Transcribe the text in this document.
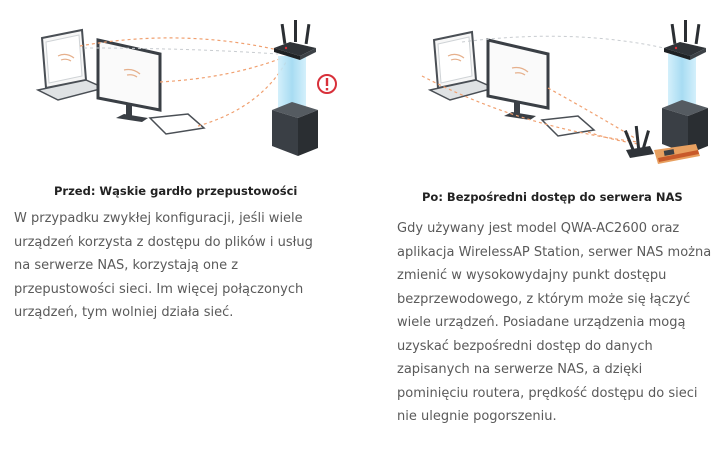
Przed: Wąskie gardło przepustowości

W przypadku zwykłej konfiguracji, jeśli wiele
urządzeń korzysta z dostępu do plików i usług
na serwerze NAS, korzystają one z
przepustowości sieci. Im więcej połączonych
urządzeń, tym wolniej działa sieć.

Po: Bezpośredni dostęp do serwera NAS

Gdy używany jest model QWA-AC2600 oraz
aplikacja WirelessAP Station, serwer NAS można
zmienić w wysokowydajny punkt dostępu
bezprzewodowego, z którym może się łączyć
wiele urządzeń. Posiadane urządzenia mogą
uzyskać bezpośredni dostęp do danych
zapisanych na serwerze NAS, a dzięki
pominięciu routera, prędkość dostępu do sieci
nie ulegnie pogorszeniu.
